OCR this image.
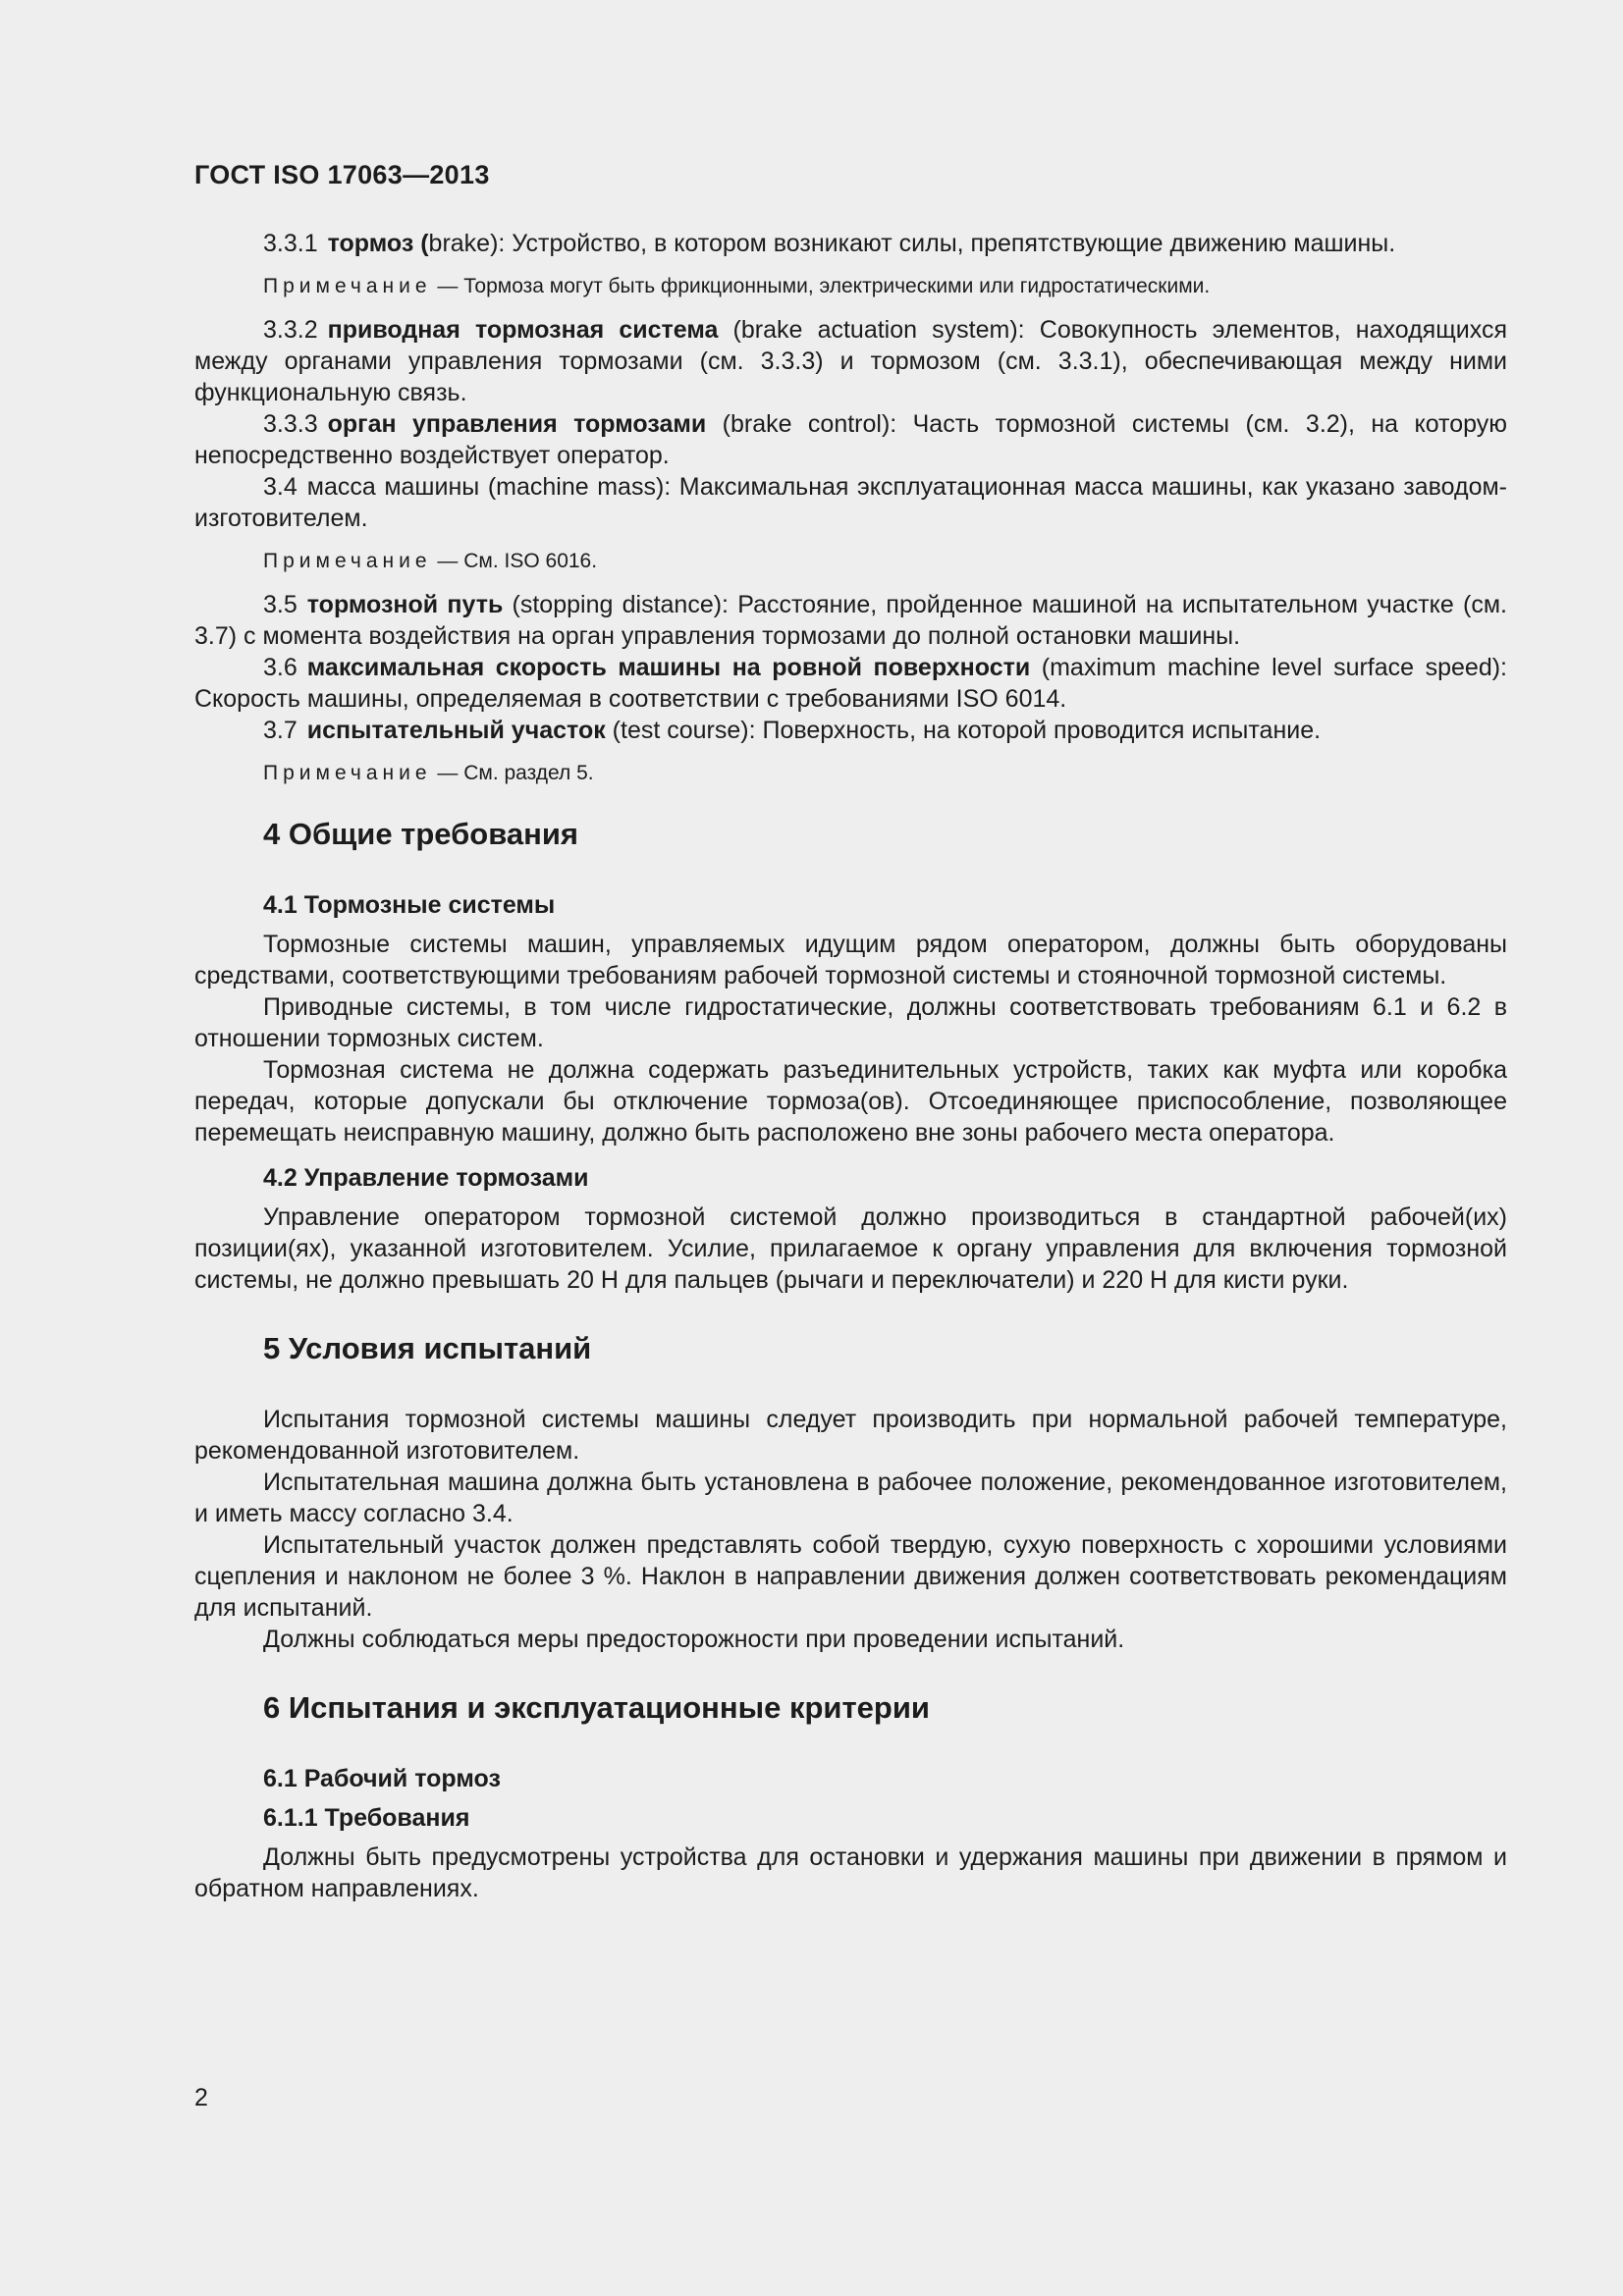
ГОСТ ISO 17063—2013

3.3.1 тормоз (brake): Устройство, в котором возникают силы, препятствующие движению машины.

Примечание — Тормоза могут быть фрикционными, электрическими или гидростатическими.

3.3.2 приводная тормозная система (brake actuation system): Совокупность элементов, находящихся между органами управления тормозами (см. 3.3.3) и тормозом (см. 3.3.1), обеспечивающая между ними функциональную связь.

3.3.3 орган управления тормозами (brake control): Часть тормозной системы (см. 3.2), на которую непосредственно воздействует оператор.

3.4 масса машины (machine mass): Максимальная эксплуатационная масса машины, как указано заводом-изготовителем.

Примечание — См. ISO 6016.

3.5 тормозной путь (stopping distance): Расстояние, пройденное машиной на испытательном участке (см. 3.7) с момента воздействия на орган управления тормозами до полной остановки машины.

3.6 максимальная скорость машины на ровной поверхности (maximum machine level surface speed): Скорость машины, определяемая в соответствии с требованиями ISO 6014.

3.7 испытательный участок (test course): Поверхность, на которой проводится испытание.

Примечание — См. раздел 5.

4 Общие требования
4.1 Тормозные системы

Тормозные системы машин, управляемых идущим рядом оператором, должны быть оборудованы средствами, соответствующими требованиям рабочей тормозной системы и стояночной тормозной системы.

Приводные системы, в том числе гидростатические, должны соответствовать требованиям 6.1 и 6.2 в отношении тормозных систем.

Тормозная система не должна содержать разъединительных устройств, таких как муфта или коробка передач, которые допускали бы отключение тормоза(ов). Отсоединяющее приспособление, позволяющее перемещать неисправную машину, должно быть расположено вне зоны рабочего места оператора.

4.2 Управление тормозами

Управление оператором тормозной системой должно производиться в стандартной рабочей(их) позиции(ях), указанной изготовителем. Усилие, прилагаемое к органу управления для включения тормозной системы, не должно превышать 20 Н для пальцев (рычаги и переключатели) и 220 Н для кисти руки.

5 Условия испытаний

Испытания тормозной системы машины следует производить при нормальной рабочей температуре, рекомендованной изготовителем.

Испытательная машина должна быть установлена в рабочее положение, рекомендованное изготовителем, и иметь массу согласно 3.4.

Испытательный участок должен представлять собой твердую, сухую поверхность с хорошими условиями сцепления и наклоном не более 3 %. Наклон в направлении движения должен соответствовать рекомендациям для испытаний.

Должны соблюдаться меры предосторожности при проведении испытаний.

6 Испытания и эксплуатационные критерии
6.1 Рабочий тормоз
6.1.1 Требования

Должны быть предусмотрены устройства для остановки и удержания машины при движении в прямом и обратном направлениях.

2
